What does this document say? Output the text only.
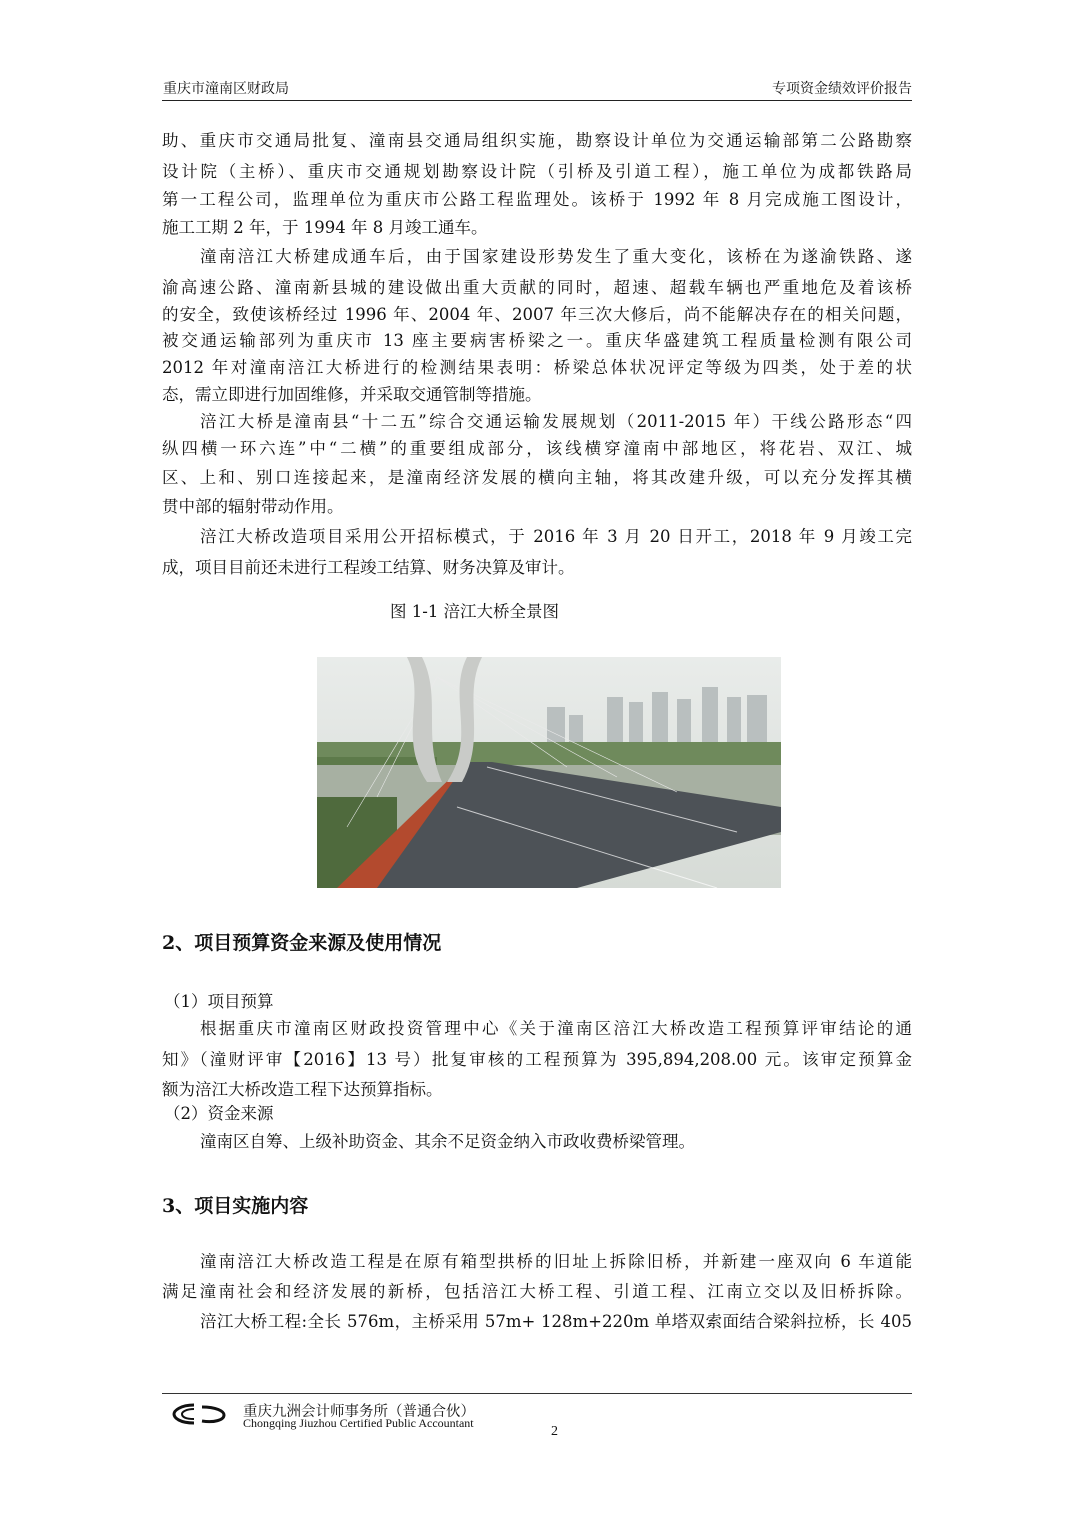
重庆市潼南区财政局	专项资金绩效评价报告
助、重庆市交通局批复、潼南县交通局组织实施，勘察设计单位为交通运输部第二公路勘察
设计院（主桥）、重庆市交通规划勘察设计院（引桥及引道工程），施工单位为成都铁路局
第一工程公司，监理单位为重庆市公路工程监理处。该桥于 1992 年 8 月完成施工图设计，
施工工期 2 年，于 1994 年 8 月竣工通车。
潼南涪江大桥建成通车后，由于国家建设形势发生了重大变化，该桥在为遂渝铁路、遂
渝高速公路、潼南新县城的建设做出重大贡献的同时，超速、超载车辆也严重地危及着该桥
的安全，致使该桥经过 1996 年、2004 年、2007 年三次大修后，尚不能解决存在的相关问题，
被交通运输部列为重庆市 13 座主要病害桥梁之一。重庆华盛建筑工程质量检测有限公司
2012 年对潼南涪江大桥进行的检测结果表明：桥梁总体状况评定等级为四类，处于差的状
态，需立即进行加固维修，并采取交通管制等措施。
涪江大桥是潼南县“十二五”综合交通运输发展规划（2011-2015 年）干线公路形态“四
纵四横一环六连”中“二横”的重要组成部分，该线横穿潼南中部地区，将花岩、双江、城
区、上和、别口连接起来，是潼南经济发展的横向主轴，将其改建升级，可以充分发挥其横
贯中部的辐射带动作用。
涪江大桥改造项目采用公开招标模式，于 2016 年 3 月 20 日开工，2018 年 9 月竣工完
成，项目目前还未进行工程竣工结算、财务决算及审计。
图 1-1 涪江大桥全景图
2、项目预算资金来源及使用情况
（1）项目预算
根据重庆市潼南区财政投资管理中心《关于潼南区涪江大桥改造工程预算评审结论的通
知》（潼财评审【2016】13 号）批复审核的工程预算为 395,894,208.00 元。该审定预算金
额为涪江大桥改造工程下达预算指标。
（2）资金来源
潼南区自筹、上级补助资金、其余不足资金纳入市政收费桥梁管理。
3、项目实施内容
潼南涪江大桥改造工程是在原有箱型拱桥的旧址上拆除旧桥，并新建一座双向 6 车道能
满足潼南社会和经济发展的新桥，包括涪江大桥工程、引道工程、江南立交以及旧桥拆除。
涪江大桥工程:全长 576m，主桥采用 57m+ 128m+220m 单塔双索面结合梁斜拉桥，长 405
重庆九洲会计师事务所（普通合伙）
Chongqing Jiuzhou Certified Public Accountant
2
